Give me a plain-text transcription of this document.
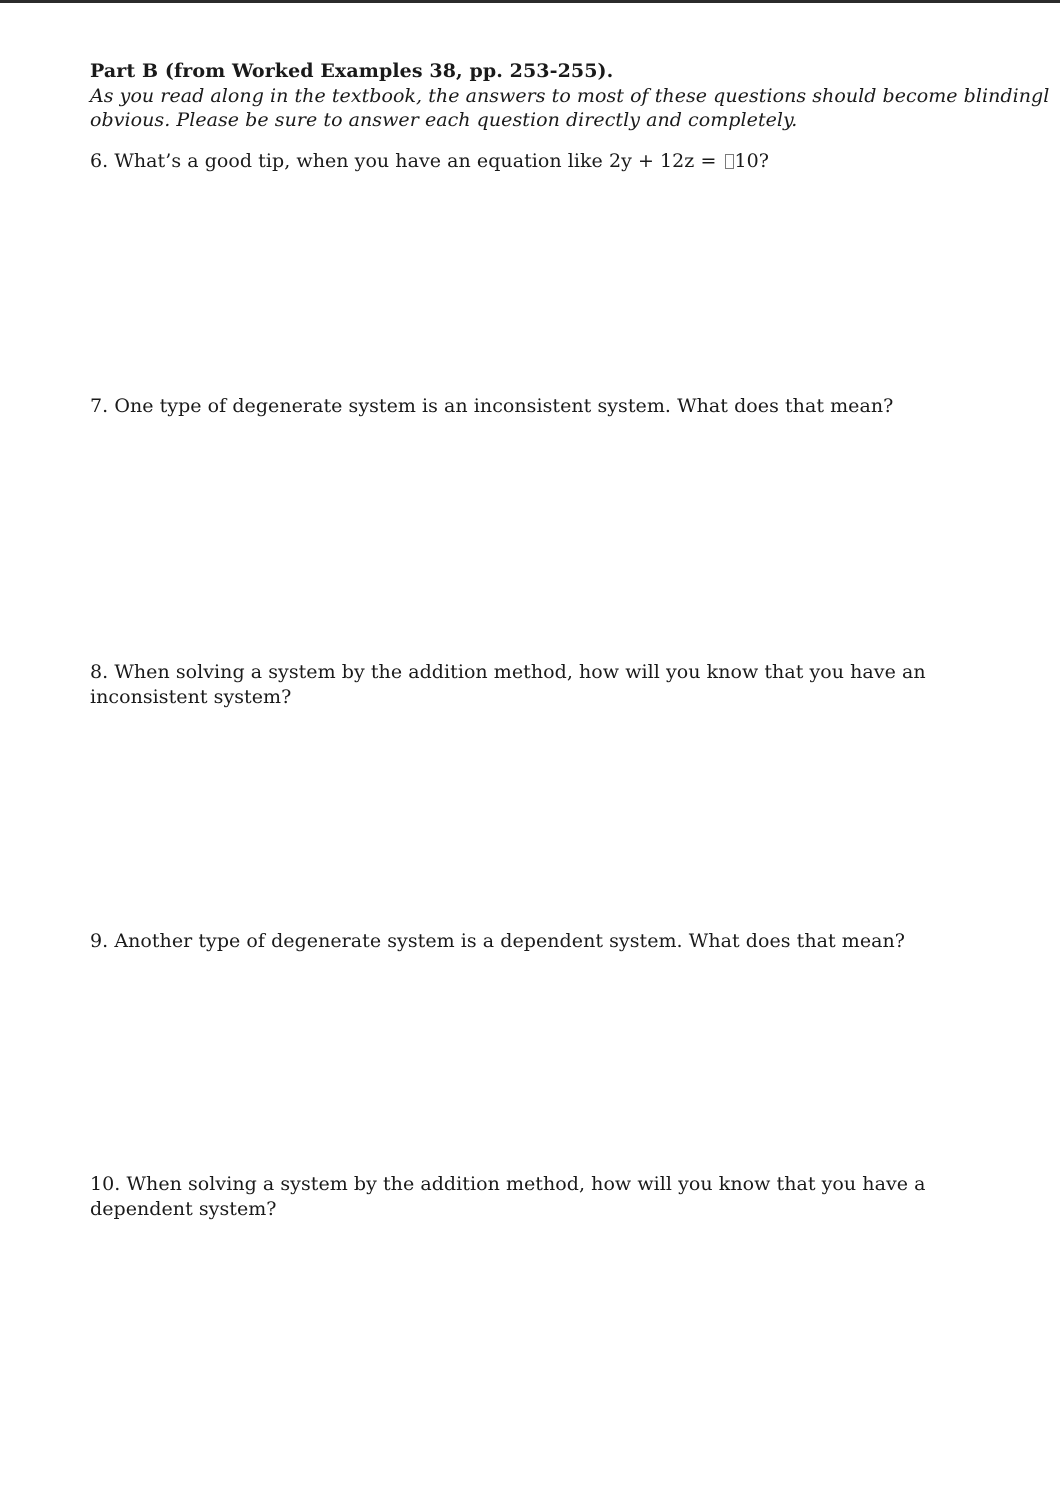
Part B (from Worked Examples 38, pp. 253-255).
As you read along in the textbook, the answers to most of these questions should become blindingl
obvious. Please be sure to answer each question directly and completely.
6. What’s a good tip, when you have an equation like 2y + 12z = 10?
7. One type of degenerate system is an inconsistent system. What does that mean?
8. When solving a system by the addition method, how will you know that you have an
inconsistent system?
9. Another type of degenerate system is a dependent system. What does that mean?
10. When solving a system by the addition method, how will you know that you have a
dependent system?
